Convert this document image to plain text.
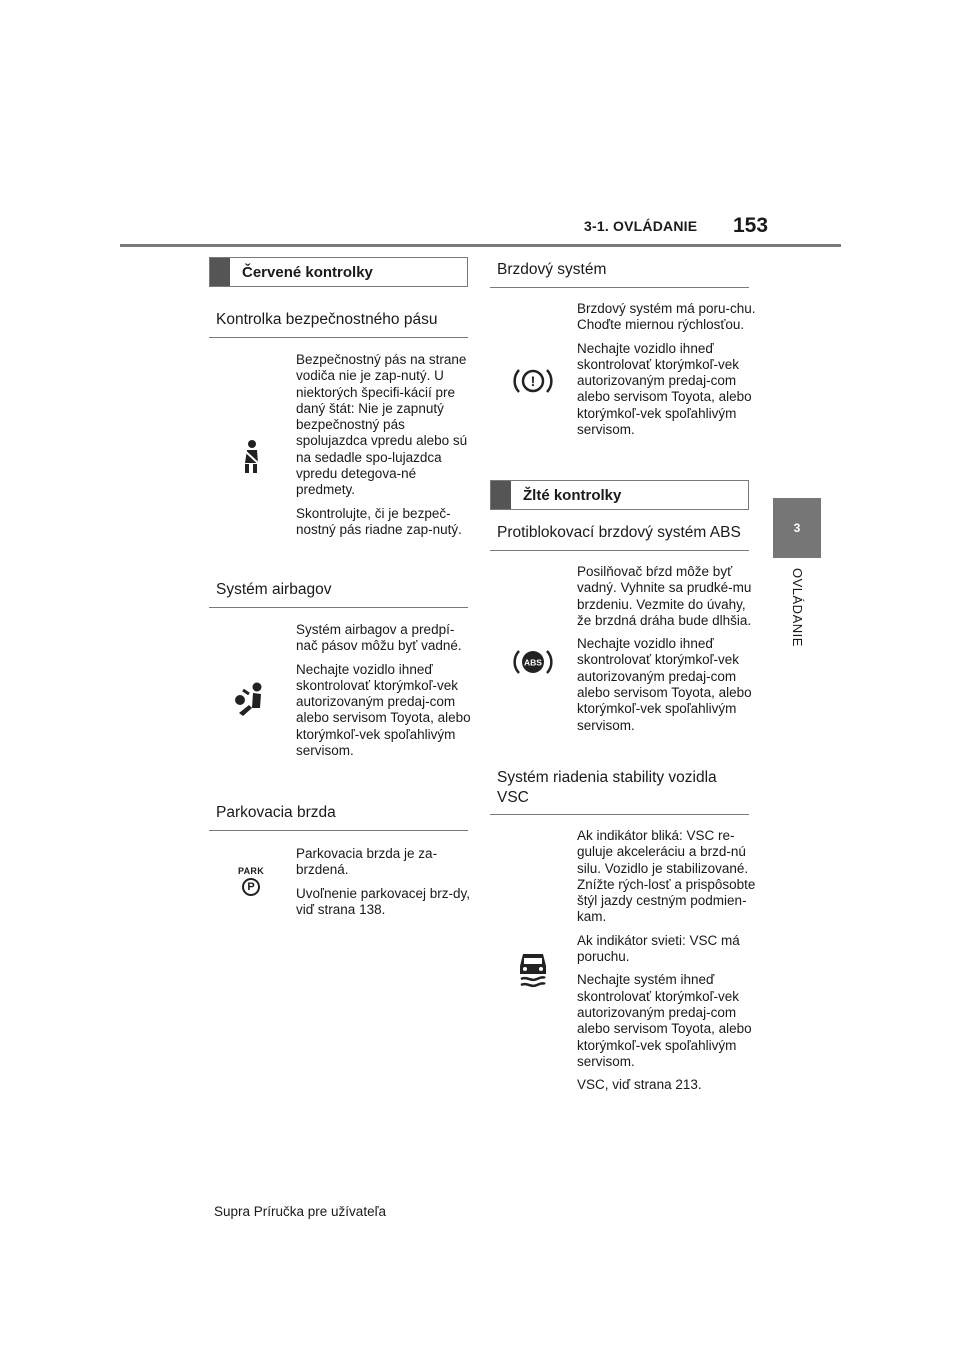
3-1. OVLÁDANIE 153
3
OVLÁDANIE
Červené kontrolky
Kontrolka bezpečnostného pásu

Bezpečnostný pás na strane vodiča nie je zap-nutý. U niektorých špecifi-kácií pre daný štát: Nie je zapnutý bezpečnostný pás spolujazdca vpredu alebo sú na sedadle spo-lujazdca vpredu detegova-né predmety.

Skontrolujte, či je bezpeč-nostný pás riadne zap-nutý.

Systém airbagov

Systém airbagov a predpí-nač pásov môžu byť vadné.

Nechajte vozidlo ihneď skontrolovať ktorýmkoľ-vek autorizovaným predaj-com alebo servisom Toyota, alebo ktorýmkoľ-vek spoľahlivým servisom.

Parkovacia brzda
PARK
P

Parkovacia brzda je za-brzdená.

Uvoľnenie parkovacej brz-dy, viď strana 138.

Brzdový systém
!

Brzdový systém má poru-chu. Choďte miernou rýchlosťou.

Nechajte vozidlo ihneď skontrolovať ktorýmkoľ-vek autorizovaným predaj-com alebo servisom Toyota, alebo ktorýmkoľ-vek spoľahlivým servisom.

Žlté kontrolky
Protiblokovací brzdový systém ABS
ABS

Posilňovač bŕzd môže byť vadný. Vyhnite sa prudké-mu brzdeniu. Vezmite do úvahy, že brzdná dráha bude dlhšia.

Nechajte vozidlo ihneď skontrolovať ktorýmkoľ-vek autorizovaným predaj-com alebo servisom Toyota, alebo ktorýmkoľ-vek spoľahlivým servisom.

Systém riadenia stability vozidla VSC

Ak indikátor bliká: VSC re-guluje akceleráciu a brzd-nú silu. Vozidlo je stabilizované. Znížte rých-losť a prispôsobte štýl jazdy cestným podmien-kam.

Ak indikátor svieti: VSC má poruchu.

Nechajte systém ihneď skontrolovať ktorýmkoľ-vek autorizovaným predaj-com alebo servisom Toyota, alebo ktorýmkoľ-vek spoľahlivým servisom.

VSC, viď strana 213.

Supra Príručka pre užívateľa
